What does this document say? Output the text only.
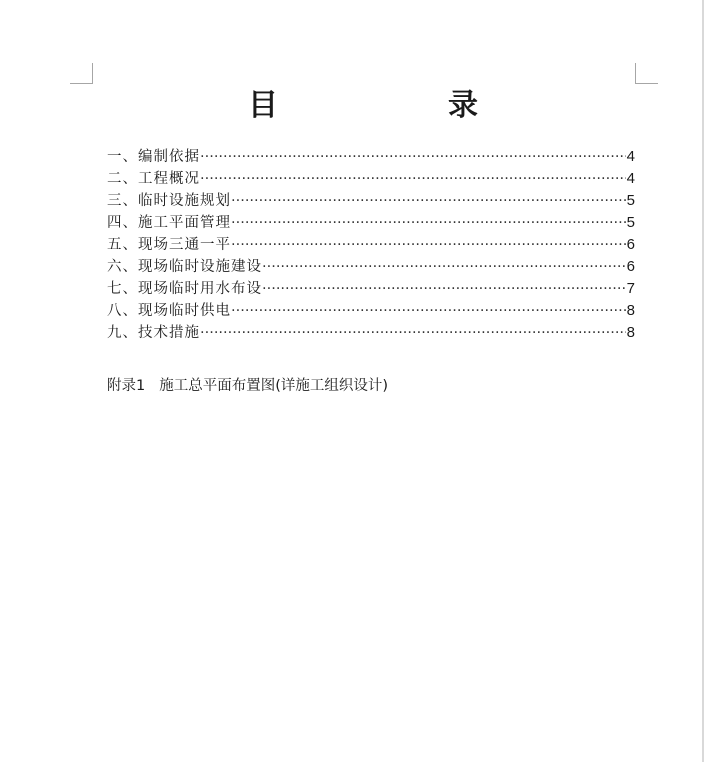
目	录
一、编制依据 ·····	4
二、工程概况 ·····	4
三、临时设施规划 ·····	5
四、施工平面管理 ·····	5
五、现场三通一平 ·····	6
六、现场临时设施建设 ·····	6
七、现场临时用水布设 ·····	7
八、现场临时供电 ·····	8
九、技术措施 ·····	8
附录1 施工总平面布置图(详施工组织设计)
